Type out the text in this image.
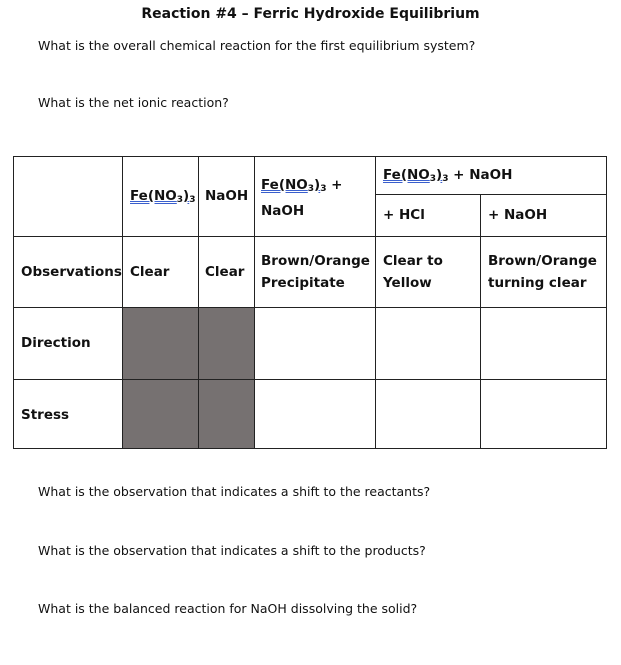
Reaction #4 – Ferric Hydroxide Equilibrium
What is the overall chemical reaction for the first equilibrium system?
What is the net ionic reaction?
$Fe(NO_3)_3$ NaOH
$Fe(NO_3)_3$ +
NaOH
$Fe(NO_3)_3$ + NaOH
+ HCl	+ NaOH
Observations
Direction
Stress
Clear	Clear
Brown/Orange
Precipitate
Clear to
Yellow
Brown/Orange
turning clear
What is the observation that indicates a shift to the reactants?
What is the observation that indicates a shift to the products?
What is the balanced reaction for NaOH dissolving the solid?
